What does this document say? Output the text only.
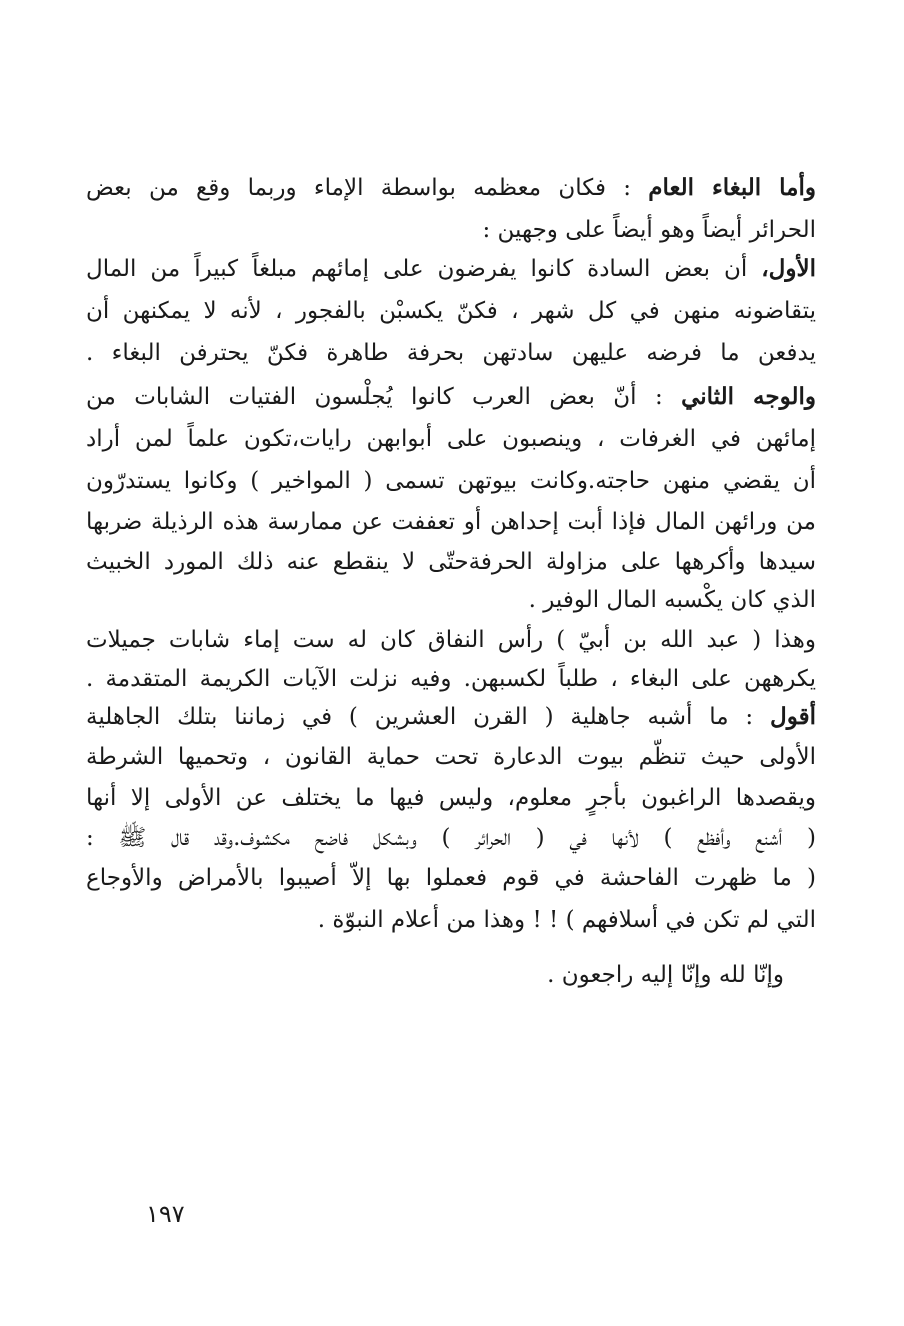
وأما البغاء العام : فكان معظمه بواسطة الإماء وربما وقع من بعض
الحرائر أيضاً وهو أيضاً على وجهين :
الأول، أن بعض السادة كانوا يفرضون على إمائهم مبلغاً كبيراً من المال
يتقاضونه منهن في كل شهر ، فكنّ يكسبْن بالفجور ، لأنه لا يمكنهن أن
يدفعن ما فرضه عليهن سادتهن بحرفة طاهرة فكنّ يحترفن البغاء .
والوجه الثاني : أنّ بعض العرب كانوا يُجلْسون الفتيات الشابات من
إمائهن في الغرفات ، وينصبون على أبوابهن رايات،تكون علماً لمن أراد
أن يقضي منهن حاجته.وكانت بيوتهن تسمى ( المواخير ) وكانوا يستدرّون
من ورائهن المال فإذا أبت إحداهن أو تعففت عن ممارسة هذه الرذيلة ضربها
سيدها وأكرهها على مزاولة الحرفةحتّى لا ينقطع عنه ذلك المورد الخبيث
الذي كان يكْسبه المال الوفير .
وهذا ( عبد الله بن أبيّ ) رأس النفاق كان له ست إماء شابات جميلات
يكرههن على البغاء ، طلباً لكسبهن. وفيه نزلت الآيات الكريمة المتقدمة .
أقول : ما أشبه جاهلية ( القرن العشرين ) في زماننا بتلك الجاهلية
الأولى حيث تنظّم بيوت الدعارة تحت حماية القانون ، وتحميها الشرطة
ويقصدها الراغبون بأجرٍ معلوم، وليس فيها ما يختلف عن الأولى إلا أنها
( أشنع وأفظع ) لأنها في ( الحرائر ) وبشكل فاضح مكشوف.وقد قال ﷺ :
( ما ظهرت الفاحشة في قوم فعملوا بها إلاّ أصيبوا بالأمراض والأوجاع
التي لم تكن في أسلافهم ) ! ! وهذا من أعلام النبوّة .
وإنّا لله وإنّا إليه راجعون .
١٩٧
